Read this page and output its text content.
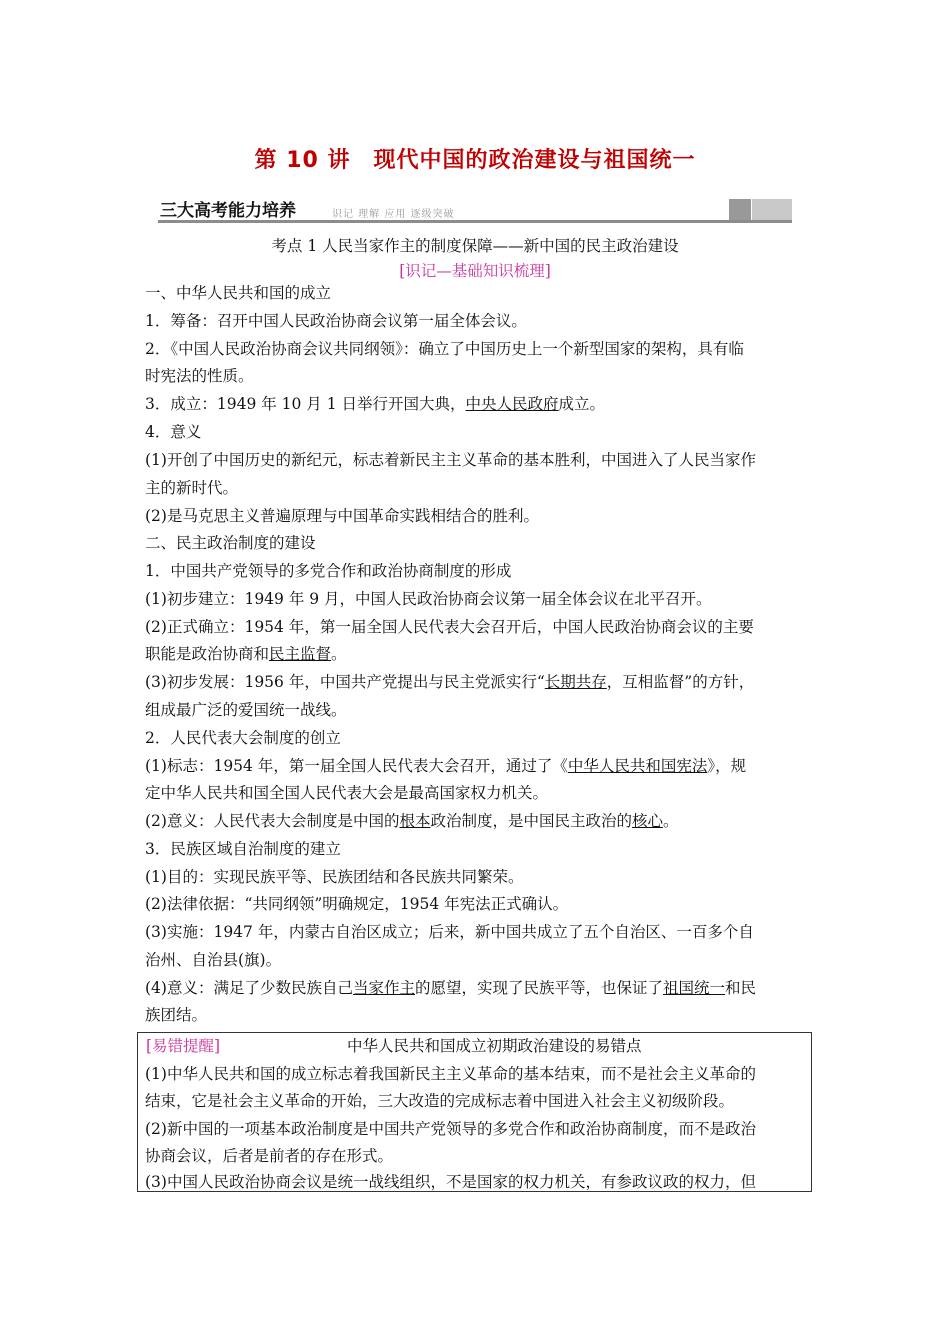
第 10 讲　现代中国的政治建设与祖国统一
三大高考能力培养	识记 理解 应用 逐级突破
考点 1 人民当家作主的制度保障——新中国的民主政治建设
[识记—基础知识梳理]
一、中华人民共和国的成立
1．筹备：召开中国人民政治协商会议第一届全体会议。
2．《中国人民政治协商会议共同纲领》：确立了中国历史上一个新型国家的架构，具有临
时宪法的性质。
3．成立：1949 年 10 月 1 日举行开国大典，中央人民政府成立。
4．意义
(1)开创了中国历史的新纪元，标志着新民主主义革命的基本胜利，中国进入了人民当家作
主的新时代。
(2)是马克思主义普遍原理与中国革命实践相结合的胜利。
二、民主政治制度的建设
1．中国共产党领导的多党合作和政治协商制度的形成
(1)初步建立：1949 年 9 月，中国人民政治协商会议第一届全体会议在北平召开。
(2)正式确立：1954 年，第一届全国人民代表大会召开后，中国人民政治协商会议的主要
职能是政治协商和民主监督。
(3)初步发展：1956 年，中国共产党提出与民主党派实行“长期共存，互相监督”的方针，
组成最广泛的爱国统一战线。
2．人民代表大会制度的创立
(1)标志：1954 年，第一届全国人民代表大会召开，通过了《中华人民共和国宪法》，规
定中华人民共和国全国人民代表大会是最高国家权力机关。
(2)意义：人民代表大会制度是中国的根本政治制度，是中国民主政治的核心。
3．民族区域自治制度的建立
(1)目的：实现民族平等、民族团结和各民族共同繁荣。
(2)法律依据：“共同纲领”明确规定，1954 年宪法正式确认。
(3)实施：1947 年，内蒙古自治区成立；后来，新中国共成立了五个自治区、一百多个自
治州、自治县(旗)。
(4)意义：满足了少数民族自己当家作主的愿望，实现了民族平等，也保证了祖国统一和民
族团结。
[易错提醒]	中华人民共和国成立初期政治建设的易错点
(1)中华人民共和国的成立标志着我国新民主主义革命的基本结束，而不是社会主义革命的
结束，它是社会主义革命的开始，三大改造的完成标志着中国进入社会主义初级阶段。
(2)新中国的一项基本政治制度是中国共产党领导的多党合作和政治协商制度，而不是政治
协商会议，后者是前者的存在形式。
(3)中国人民政治协商会议是统一战线组织，不是国家的权力机关，有参政议政的权力，但
